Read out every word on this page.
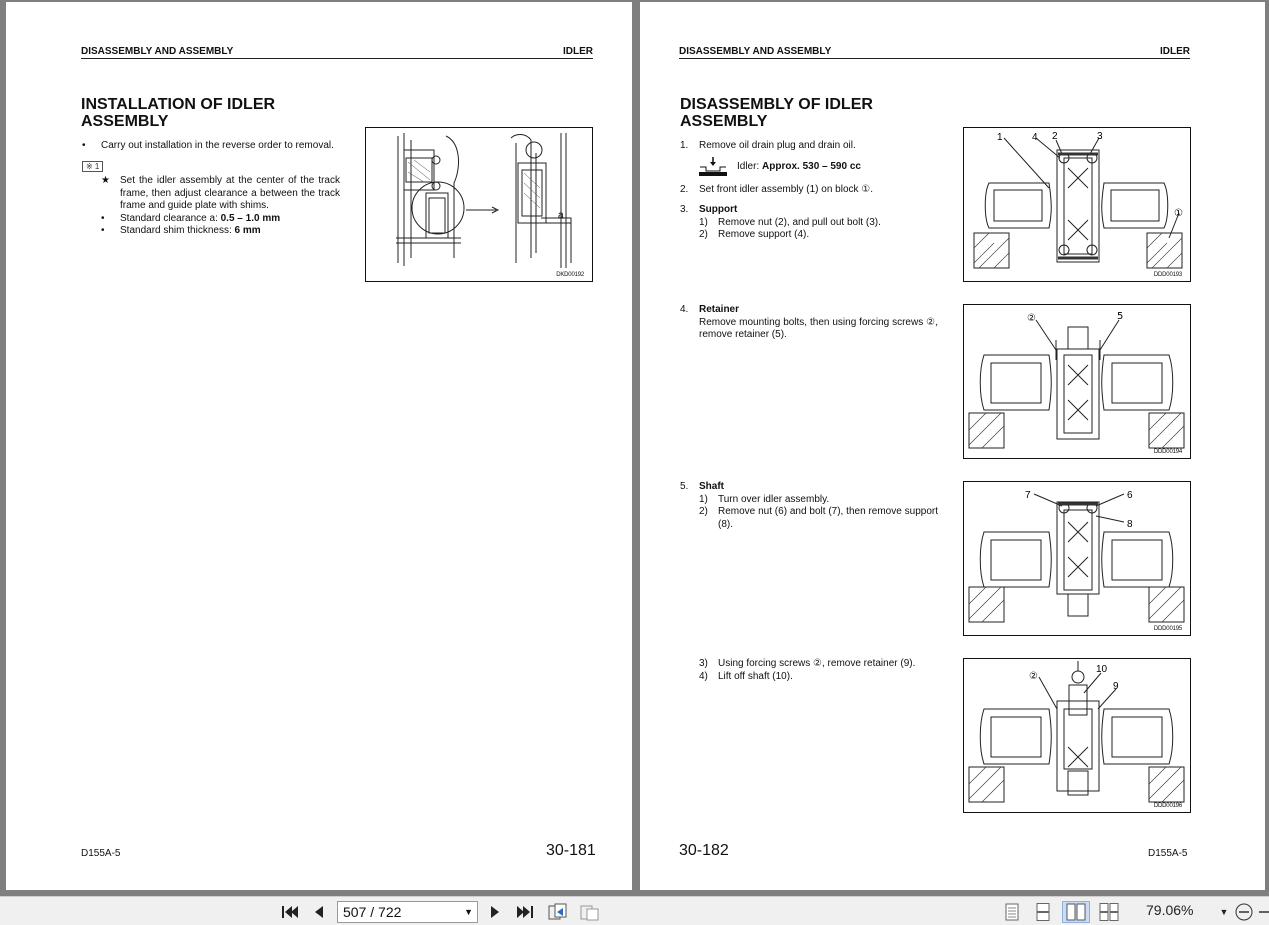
DISASSEMBLY AND ASSEMBLY	IDLER
INSTALLATION OF IDLER
ASSEMBLY
• Carry out installation in the reverse order to removal.
※ 1
★ Set the idler assembly at the center of the track frame, then adjust clearance a between the track frame and guide plate with shims.
• Standard clearance a: 0.5 – 1.0 mm
• Standard shim thickness: 6 mm
a
DKD00192
D155A-5	30-181
DISASSEMBLY AND ASSEMBLY	IDLER
DISASSEMBLY OF IDLER
ASSEMBLY
1. Remove oil drain plug and drain oil.
Idler: Approx. 530 – 590 cc
2. Set front idler assembly (1) on block ①.
3. Support
1) Remove nut (2), and pull out bolt (3).
2) Remove support (4).
4. Retainer
Remove mounting bolts, then using forcing screws ②, remove retainer (5).
5. Shaft
1) Turn over idler assembly.
2) Remove nut (6) and bolt (7), then remove support (8).
3) Using forcing screws ②, remove retainer (9).
4) Lift off shaft (10).
1	4 2	3
①
DDD00193
②	5
DDD00194
7	6
8
DDD00195
②
10
9
DDD00196
30-182	D155A-5
507 / 722	▼	79.06%	▼
